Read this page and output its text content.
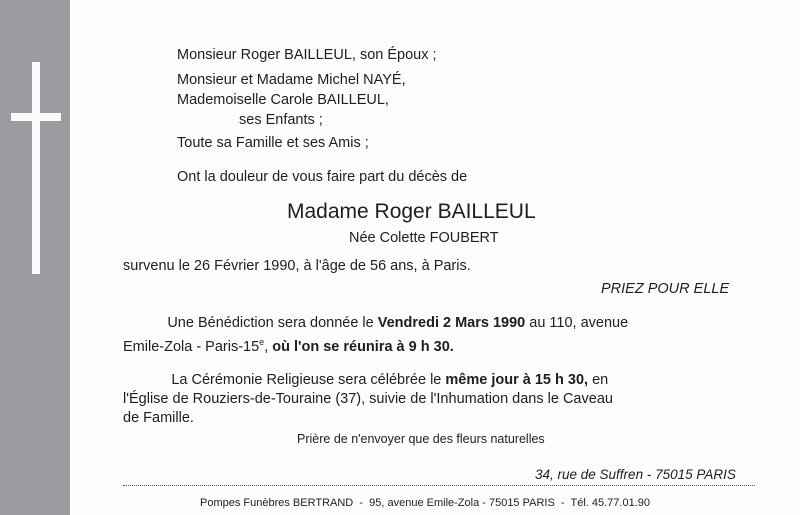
Monsieur Roger BAILLEUL, son Époux ;
Monsieur et Madame Michel NAYÉ,
Mademoiselle Carole BAILLEUL,
ses Enfants ;
Toute sa Famille et ses Amis ;
Ont la douleur de vous faire part du décès de
Madame Roger BAILLEUL
Née Colette FOUBERT
survenu le 26 Février 1990, à l'âge de 56 ans, à Paris.
PRIEZ POUR ELLE
Une Bénédiction sera donnée le Vendredi 2 Mars 1990 au 110, avenue
Emile-Zola - Paris-15e, où l'on se réunira à 9 h 30.
La Cérémonie Religieuse sera célébrée le même jour à 15 h 30, en
l'Église de Rouziers-de-Touraine (37), suivie de l'Inhumation dans le Caveau
de Famille.
Prière de n'envoyer que des fleurs naturelles
34, rue de Suffren - 75015 PARIS
Pompes Funèbres BERTRAND  -  95, avenue Emile-Zola - 75015 PARIS  -  Tél. 45.77.01.90
